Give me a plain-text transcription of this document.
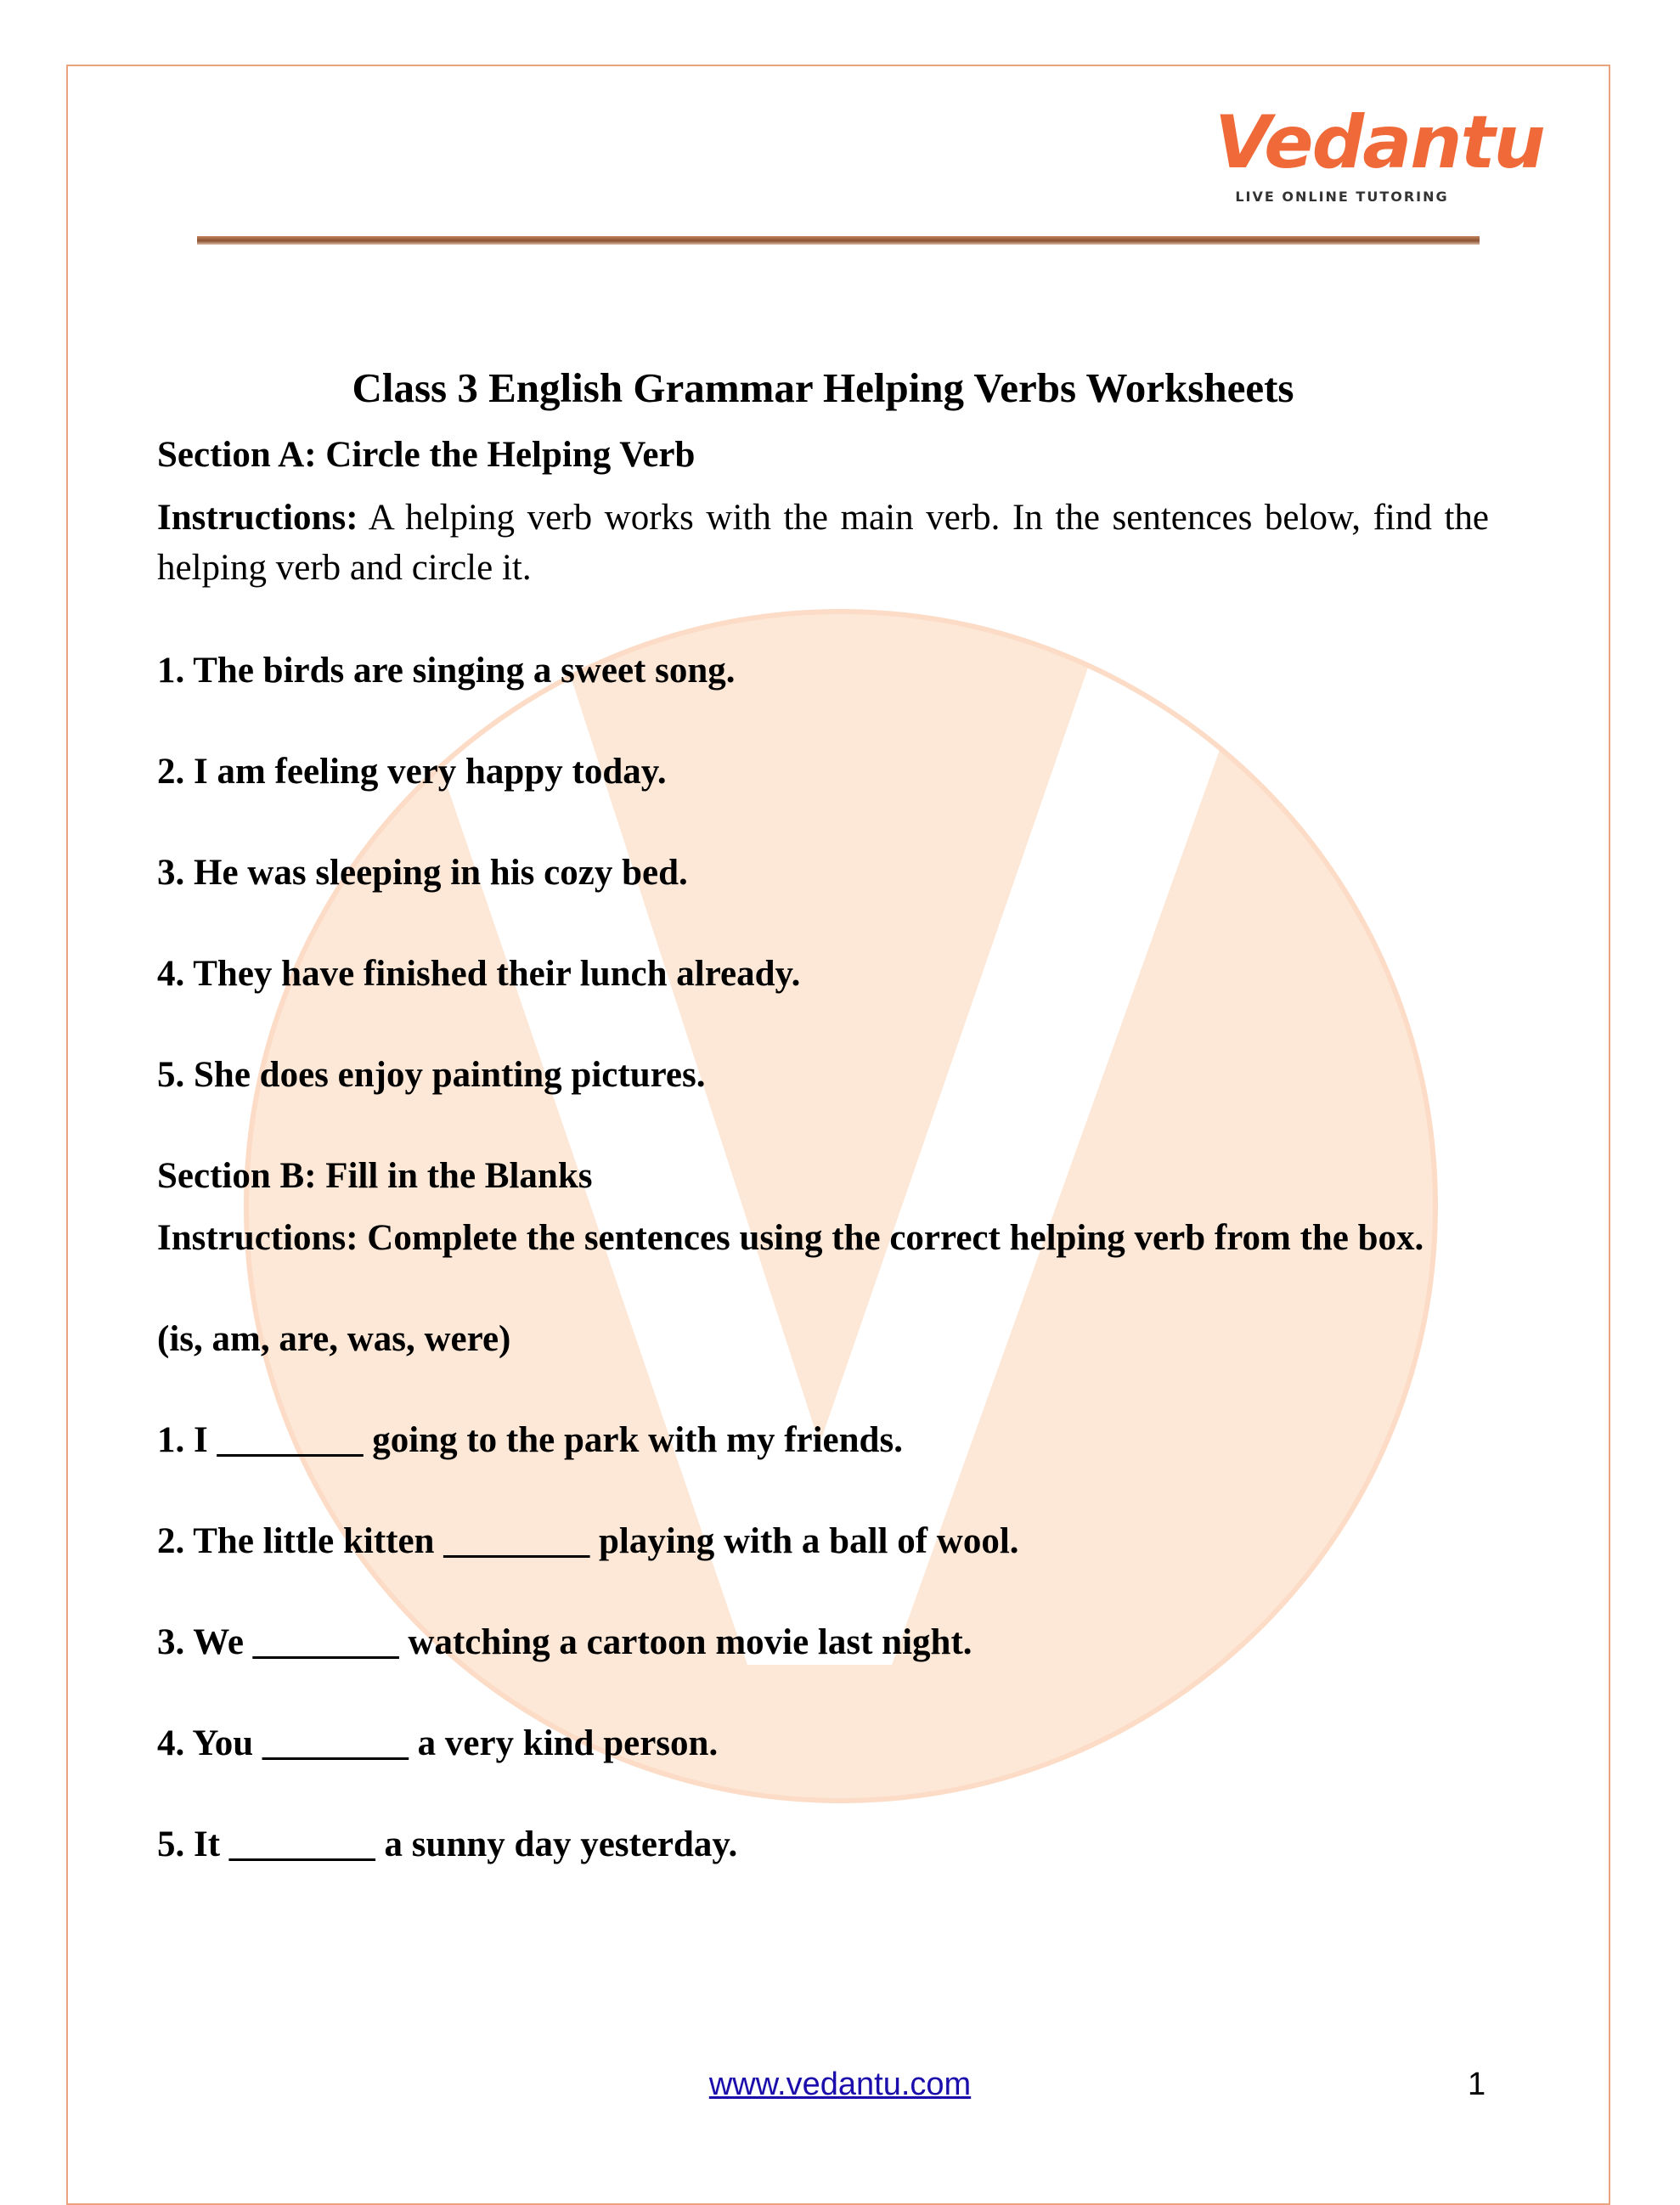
Vedantu
LIVE ONLINE TUTORING
Class 3 English Grammar Helping Verbs Worksheets
Section A: Circle the Helping Verb
Instructions: A helping verb works with the main verb. In the sentences below, find the helping verb and circle it.
1. The birds are singing a sweet song.
2. I am feeling very happy today.
3. He was sleeping in his cozy bed.
4. They have finished their lunch already.
5. She does enjoy painting pictures.
Section B: Fill in the Blanks
Instructions: Complete the sentences using the correct helping verb from the box.
(is, am, are, was, were)
1. I ________ going to the park with my friends.
2. The little kitten ________ playing with a ball of wool.
3. We ________ watching a cartoon movie last night.
4. You ________ a very kind person.
5. It ________ a sunny day yesterday.
www.vedantu.com	1
